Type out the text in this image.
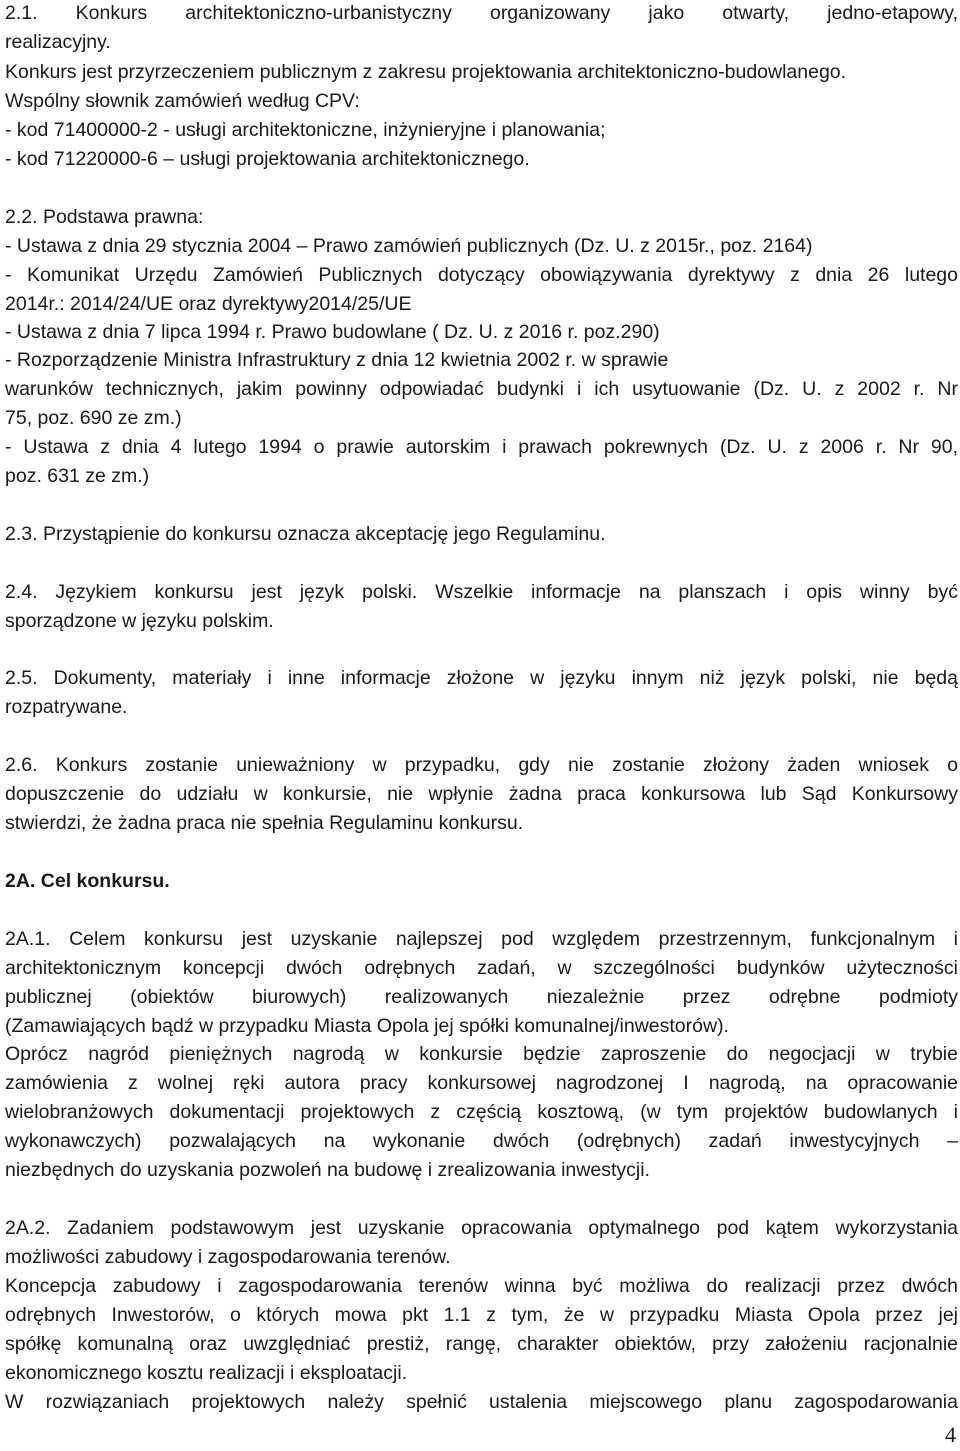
2.1. Konkurs architektoniczno-urbanistyczny organizowany jako otwarty, jedno-etapowy,
realizacyjny.
Konkurs jest przyrzeczeniem publicznym z zakresu projektowania architektoniczno-budowlanego.
Wspólny słownik zamówień według CPV:
- kod 71400000-2 - usługi architektoniczne, inżynieryjne i planowania;
- kod 71220000-6 – usługi projektowania architektonicznego.
2.2. Podstawa prawna:
- Ustawa z dnia 29 stycznia 2004 – Prawo zamówień publicznych (Dz. U. z 2015r., poz. 2164)
- Komunikat Urzędu Zamówień Publicznych dotyczący obowiązywania dyrektywy z dnia 26 lutego
2014r.: 2014/24/UE oraz dyrektywy2014/25/UE
- Ustawa z dnia 7 lipca 1994 r. Prawo budowlane ( Dz. U. z 2016 r. poz.290)
- Rozporządzenie Ministra Infrastruktury z dnia 12 kwietnia 2002 r. w sprawie
warunków technicznych, jakim powinny odpowiadać budynki i ich usytuowanie (Dz. U. z 2002 r. Nr
75, poz. 690 ze zm.)
- Ustawa z dnia 4 lutego 1994 o prawie autorskim i prawach pokrewnych (Dz. U. z 2006 r. Nr 90,
poz. 631 ze zm.)
2.3. Przystąpienie do konkursu oznacza akceptację jego Regulaminu.
2.4. Językiem konkursu jest język polski. Wszelkie informacje na planszach i opis winny być
sporządzone w języku polskim.
2.5. Dokumenty, materiały i inne informacje złożone w języku innym niż język polski, nie będą
rozpatrywane.
2.6. Konkurs zostanie unieważniony w przypadku, gdy nie zostanie złożony żaden wniosek o
dopuszczenie do udziału w konkursie, nie wpłynie żadna praca konkursowa lub Sąd Konkursowy
stwierdzi, że żadna praca nie spełnia Regulaminu konkursu.
2A. Cel konkursu.
2A.1. Celem konkursu jest uzyskanie najlepszej pod względem przestrzennym, funkcjonalnym i
architektonicznym koncepcji dwóch odrębnych zadań, w szczególności budynków użyteczności
publicznej (obiektów biurowych) realizowanych niezależnie przez odrębne podmioty
(Zamawiających bądź w przypadku Miasta Opola jej spółki komunalnej/inwestorów).
Oprócz nagród pieniężnych nagrodą w konkursie będzie zaproszenie do negocjacji w trybie
zamówienia z wolnej ręki autora pracy konkursowej nagrodzonej I nagrodą, na opracowanie
wielobranżowych dokumentacji projektowych z częścią kosztową, (w tym projektów budowlanych i
wykonawczych) pozwalających na wykonanie dwóch (odrębnych) zadań inwestycyjnych –
niezbędnych do uzyskania pozwoleń na budowę i zrealizowania inwestycji.
2A.2. Zadaniem podstawowym jest uzyskanie opracowania optymalnego pod kątem wykorzystania
możliwości zabudowy i zagospodarowania terenów.
Koncepcja zabudowy i zagospodarowania terenów winna być możliwa do realizacji przez dwóch
odrębnych Inwestorów, o których mowa pkt 1.1 z tym, że w przypadku Miasta Opola przez jej
spółkę komunalną oraz uwzględniać prestiż, rangę, charakter obiektów, przy założeniu racjonalnie
ekonomicznego kosztu realizacji i eksploatacji.
W rozwiązaniach projektowych należy spełnić ustalenia miejscowego planu zagospodarowania
4
